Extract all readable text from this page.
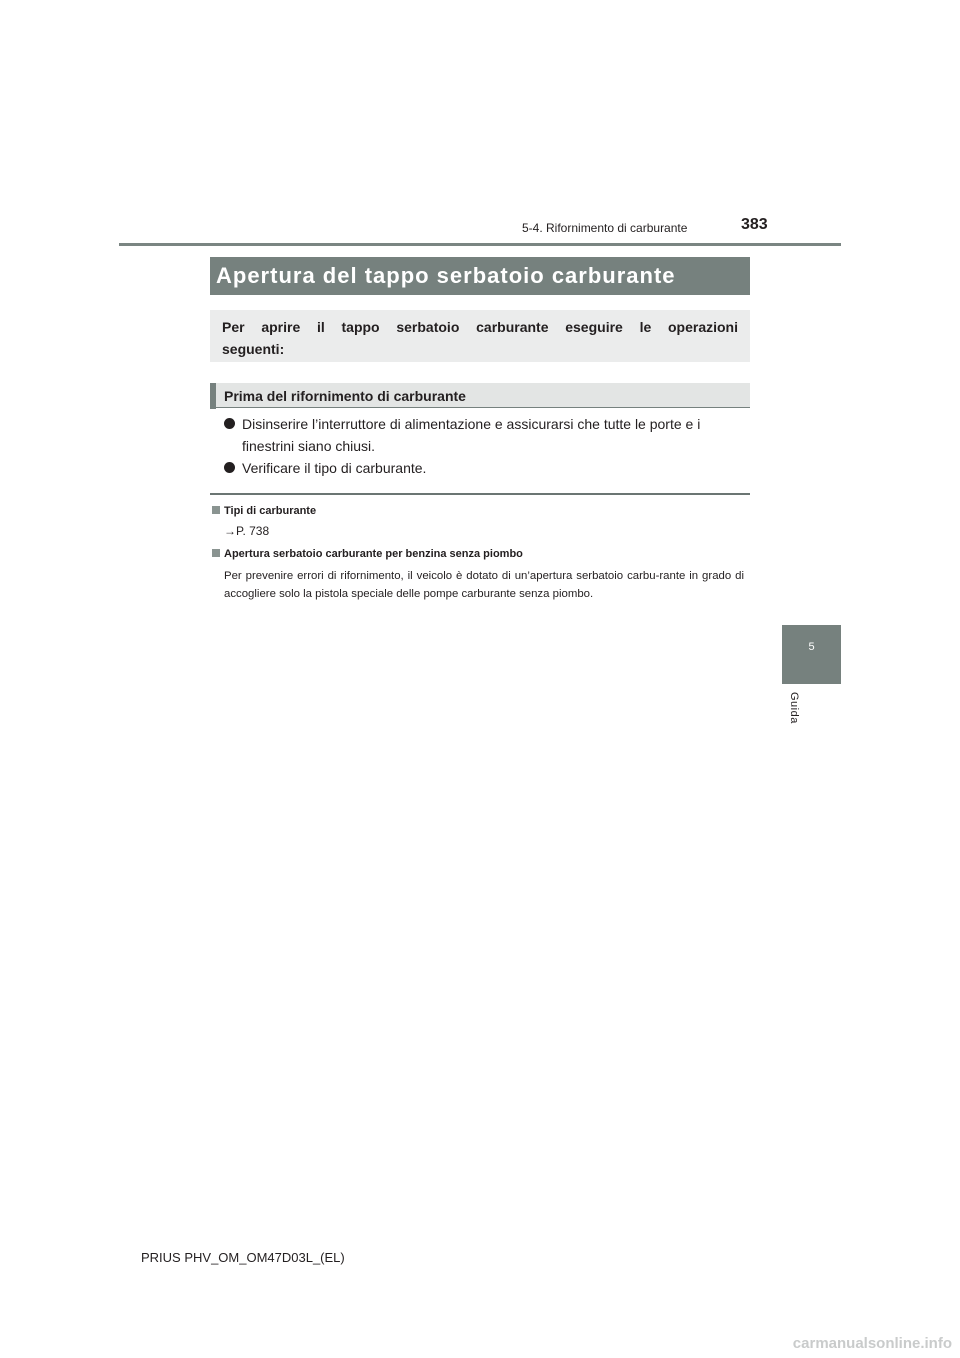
5-4. Rifornimento di carburante	383
5
Guida
Apertura del tappo serbatoio carburante
Per aprire il tappo serbatoio carburante eseguire le operazioni seguenti:
Prima del rifornimento di carburante
Disinserire l’interruttore di alimentazione e assicurarsi che tutte le porte e i finestrini siano chiusi.
Verificare il tipo di carburante.
Tipi di carburante
→P. 738
Apertura serbatoio carburante per benzina senza piombo
Per prevenire errori di rifornimento, il veicolo è dotato di un’apertura serbatoio carbu-rante in grado di accogliere solo la pistola speciale delle pompe carburante senza piombo.
PRIUS PHV_OM_OM47D03L_(EL)
carmanualsonline.info
